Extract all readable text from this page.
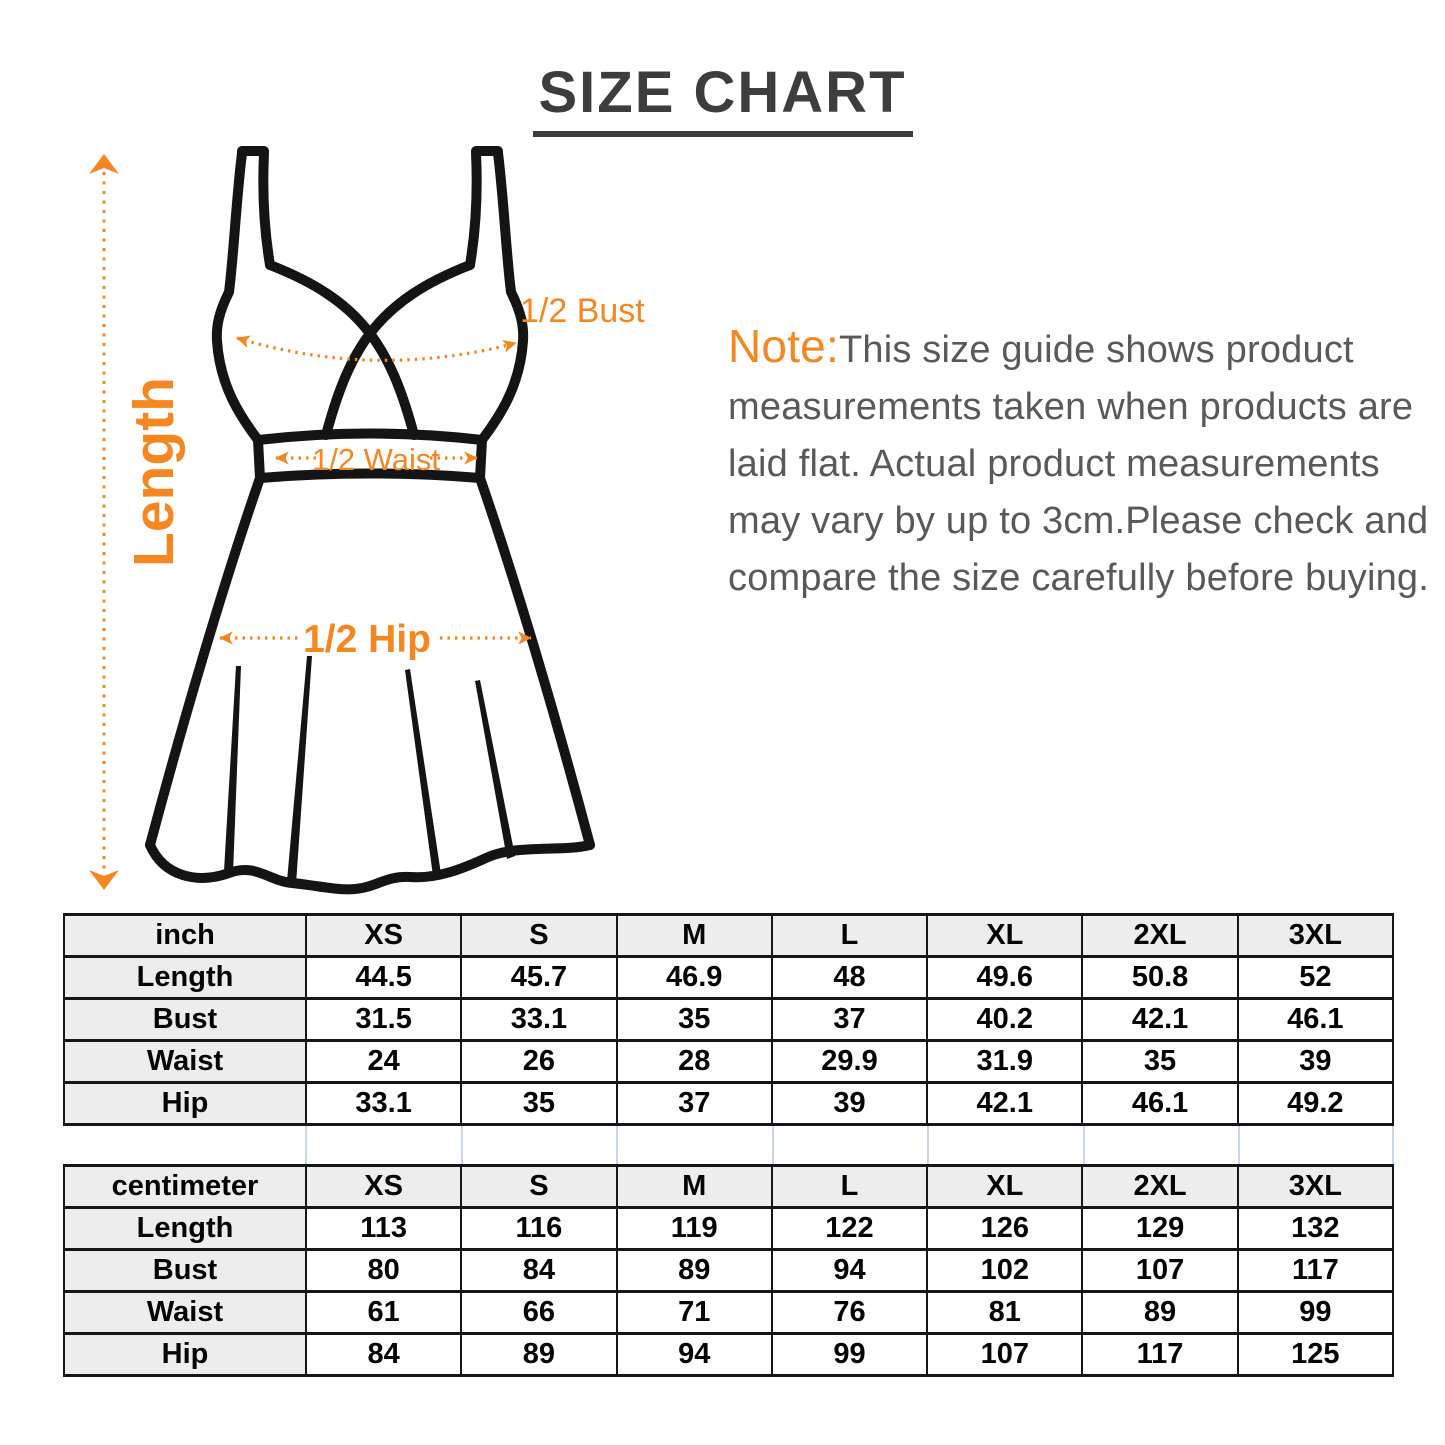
SIZE CHART
Length
1/2 Bust
1/2 Waist
1/2 Hip
Note:This size guide shows product
measurements taken when products are
laid flat. Actual product measurements
may vary by up to 3cm.Please check and
compare the size carefully before buying.
inch	XS	S	M	L	XL	2XL	3XL
Length	44.5	45.7	46.9	48	49.6	50.8	52
Bust	31.5	33.1	35	37	40.2	42.1	46.1
Waist	24	26	28	29.9	31.9	35	39
Hip	33.1	35	37	39	42.1	46.1	49.2
centimeter	XS	S	M	L	XL	2XL	3XL
Length	113	116	119	122	126	129	132
Bust	80	84	89	94	102	107	117
Waist	61	66	71	76	81	89	99
Hip	84	89	94	99	107	117	125
